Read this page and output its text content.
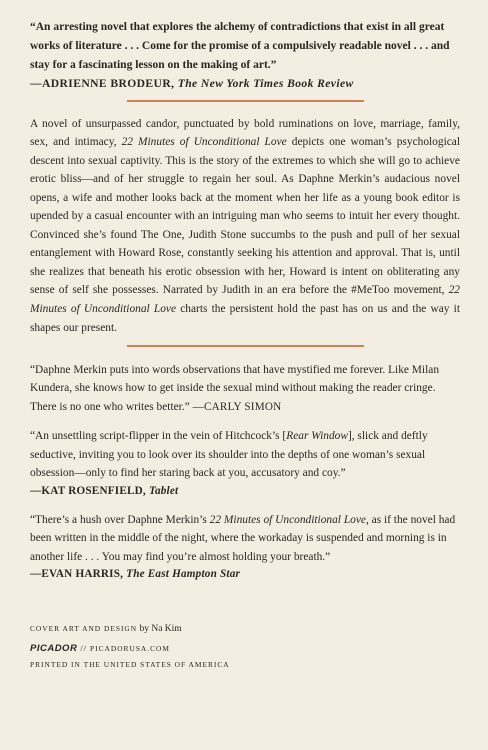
“An arresting novel that explores the alchemy of contradictions that exist in all great works of literature . . . Come for the promise of a compulsively readable novel . . . and stay for a fascinating lesson on the making of art.”

—ADRIENNE BRODEUR, The New York Times Book Review

A novel of unsurpassed candor, punctuated by bold ruminations on love, marriage, family, sex, and intimacy, 22 Minutes of Unconditional Love depicts one woman’s psychological descent into sexual captivity. This is the story of the extremes to which she will go to achieve erotic bliss—and of her struggle to regain her soul. As Daphne Merkin’s audacious novel opens, a wife and mother looks back at the moment when her life as a young book editor is upended by a casual encounter with an intriguing man who seems to intuit her every thought. Convinced she’s found The One, Judith Stone succumbs to the push and pull of her sexual entanglement with Howard Rose, constantly seeking his attention and approval. That is, until she realizes that beneath his erotic obsession with her, Howard is intent on obliterating any sense of self she possesses. Narrated by Judith in an era before the #MeToo movement, 22 Minutes of Unconditional Love charts the persistent hold the past has on us and the way it shapes our present.

“Daphne Merkin puts into words observations that have mystified me forever. Like Milan Kundera, she knows how to get inside the sexual mind without making the reader cringe. There is no one who writes better.” —CARLY SIMON

“An unsettling script-flipper in the vein of Hitchcock’s [Rear Window], slick and deftly seductive, inviting you to look over its shoulder into the depths of one woman’s sexual obsession—only to find her staring back at you, accusatory and coy.”

—KAT ROSENFIELD, Tablet

“There’s a hush over Daphne Merkin’s 22 Minutes of Unconditional Love, as if the novel had been written in the middle of the night, where the workaday is suspended and morning is in another life . . . You may find you’re almost holding your breath.”

—EVAN HARRIS, The East Hampton Star

COVER ART AND DESIGN by Na Kim

PICADOR // PICADORUSA.COM

PRINTED IN THE UNITED STATES OF AMERICA
